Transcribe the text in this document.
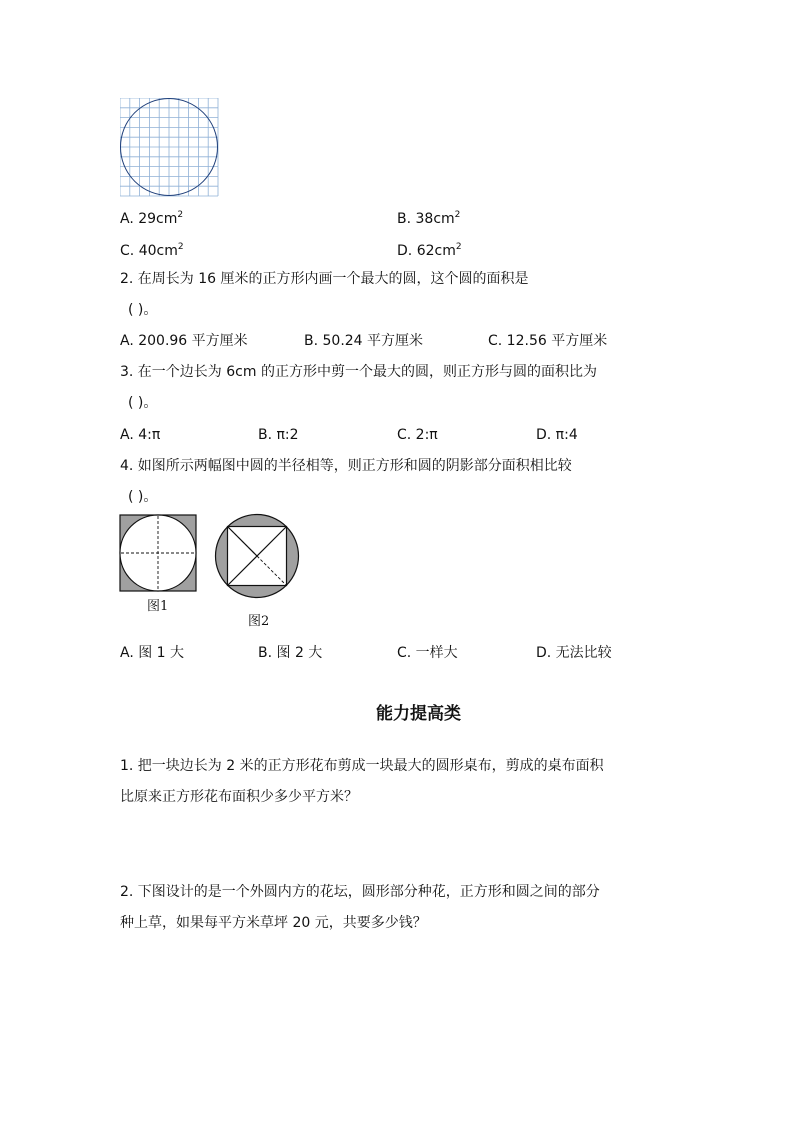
A. $29cm^2$	B. $38cm^2$
C. $40cm^2$	D. $62cm^2$
2. 在周长为 16 厘米的正方形内画一个最大的圆，这个圆的面积是
( )。
A. 200.96 平方厘米	B. 50.24 平方厘米	C. 12.56 平方厘米
3. 在一个边长为 6cm 的正方形中剪一个最大的圆，则正方形与圆的面积比为
( )。
A. 4:π	B. π:2	C. 2:π	D. π:4
4. 如图所示两幅图中圆的半径相等，则正方形和圆的阴影部分面积相比较
( )。
图1
图2
A. 图 1 大	B. 图 2 大	C. 一样大	D. 无法比较
能力提高类
1. 把一块边长为 2 米的正方形花布剪成一块最大的圆形桌布，剪成的桌布面积
比原来正方形花布面积少多少平方米？
2. 下图设计的是一个外圆内方的花坛，圆形部分种花，正方形和圆之间的部分
种上草，如果每平方米草坪 20 元，共要多少钱？
